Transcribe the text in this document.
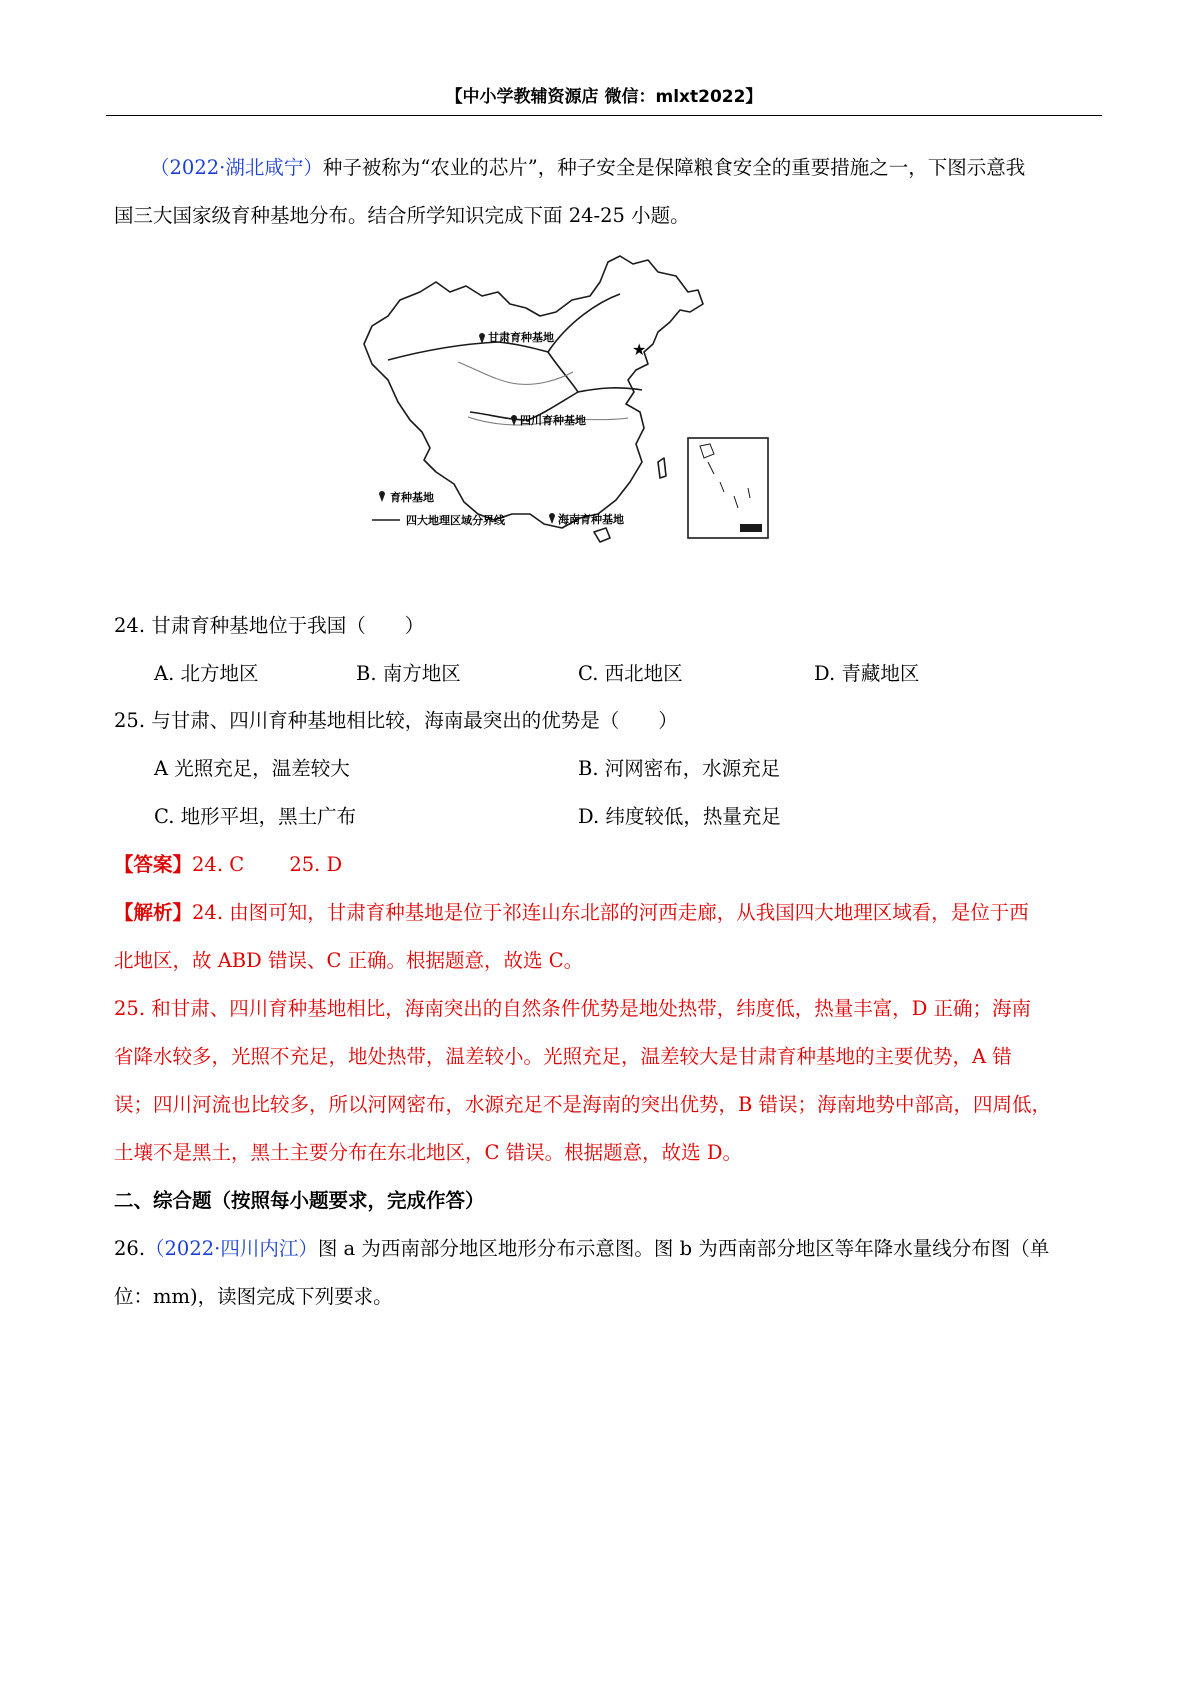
【中小学教辅资源店 微信：mlxt2022】
（2022·湖北咸宁）种子被称为“农业的芯片”，种子安全是保障粮食安全的重要措施之一，下图示意我
国三大国家级育种基地分布。结合所学知识完成下面 24-25 小题。
甘肃育种基地
四川育种基地
海南育种基地
育种基地
四大地理区域分界线
★
24. 甘肃育种基地位于我国（　　）
A. 北方地区	B. 南方地区	C. 西北地区	D. 青藏地区
25. 与甘肃、四川育种基地相比较，海南最突出的优势是（　　）
A 光照充足，温差较大	B. 河网密布，水源充足
C. 地形平坦，黑土广布	D. 纬度较低，热量充足
【答案】24. C　　 25. D
【解析】24. 由图可知，甘肃育种基地是位于祁连山东北部的河西走廊，从我国四大地理区域看，是位于西
北地区，故 ABD 错误、C 正确。根据题意，故选 C。
25. 和甘肃、四川育种基地相比，海南突出的自然条件优势是地处热带，纬度低，热量丰富，D 正确；海南
省降水较多，光照不充足，地处热带，温差较小。光照充足，温差较大是甘肃育种基地的主要优势，A 错
误；四川河流也比较多，所以河网密布，水源充足不是海南的突出优势，B 错误；海南地势中部高，四周低，
土壤不是黑土，黑土主要分布在东北地区，C 错误。根据题意，故选 D。
二、综合题（按照每小题要求，完成作答）
26.（2022·四川内江）图 a 为西南部分地区地形分布示意图。图 b 为西南部分地区等年降水量线分布图（单
位：mm)，读图完成下列要求。
